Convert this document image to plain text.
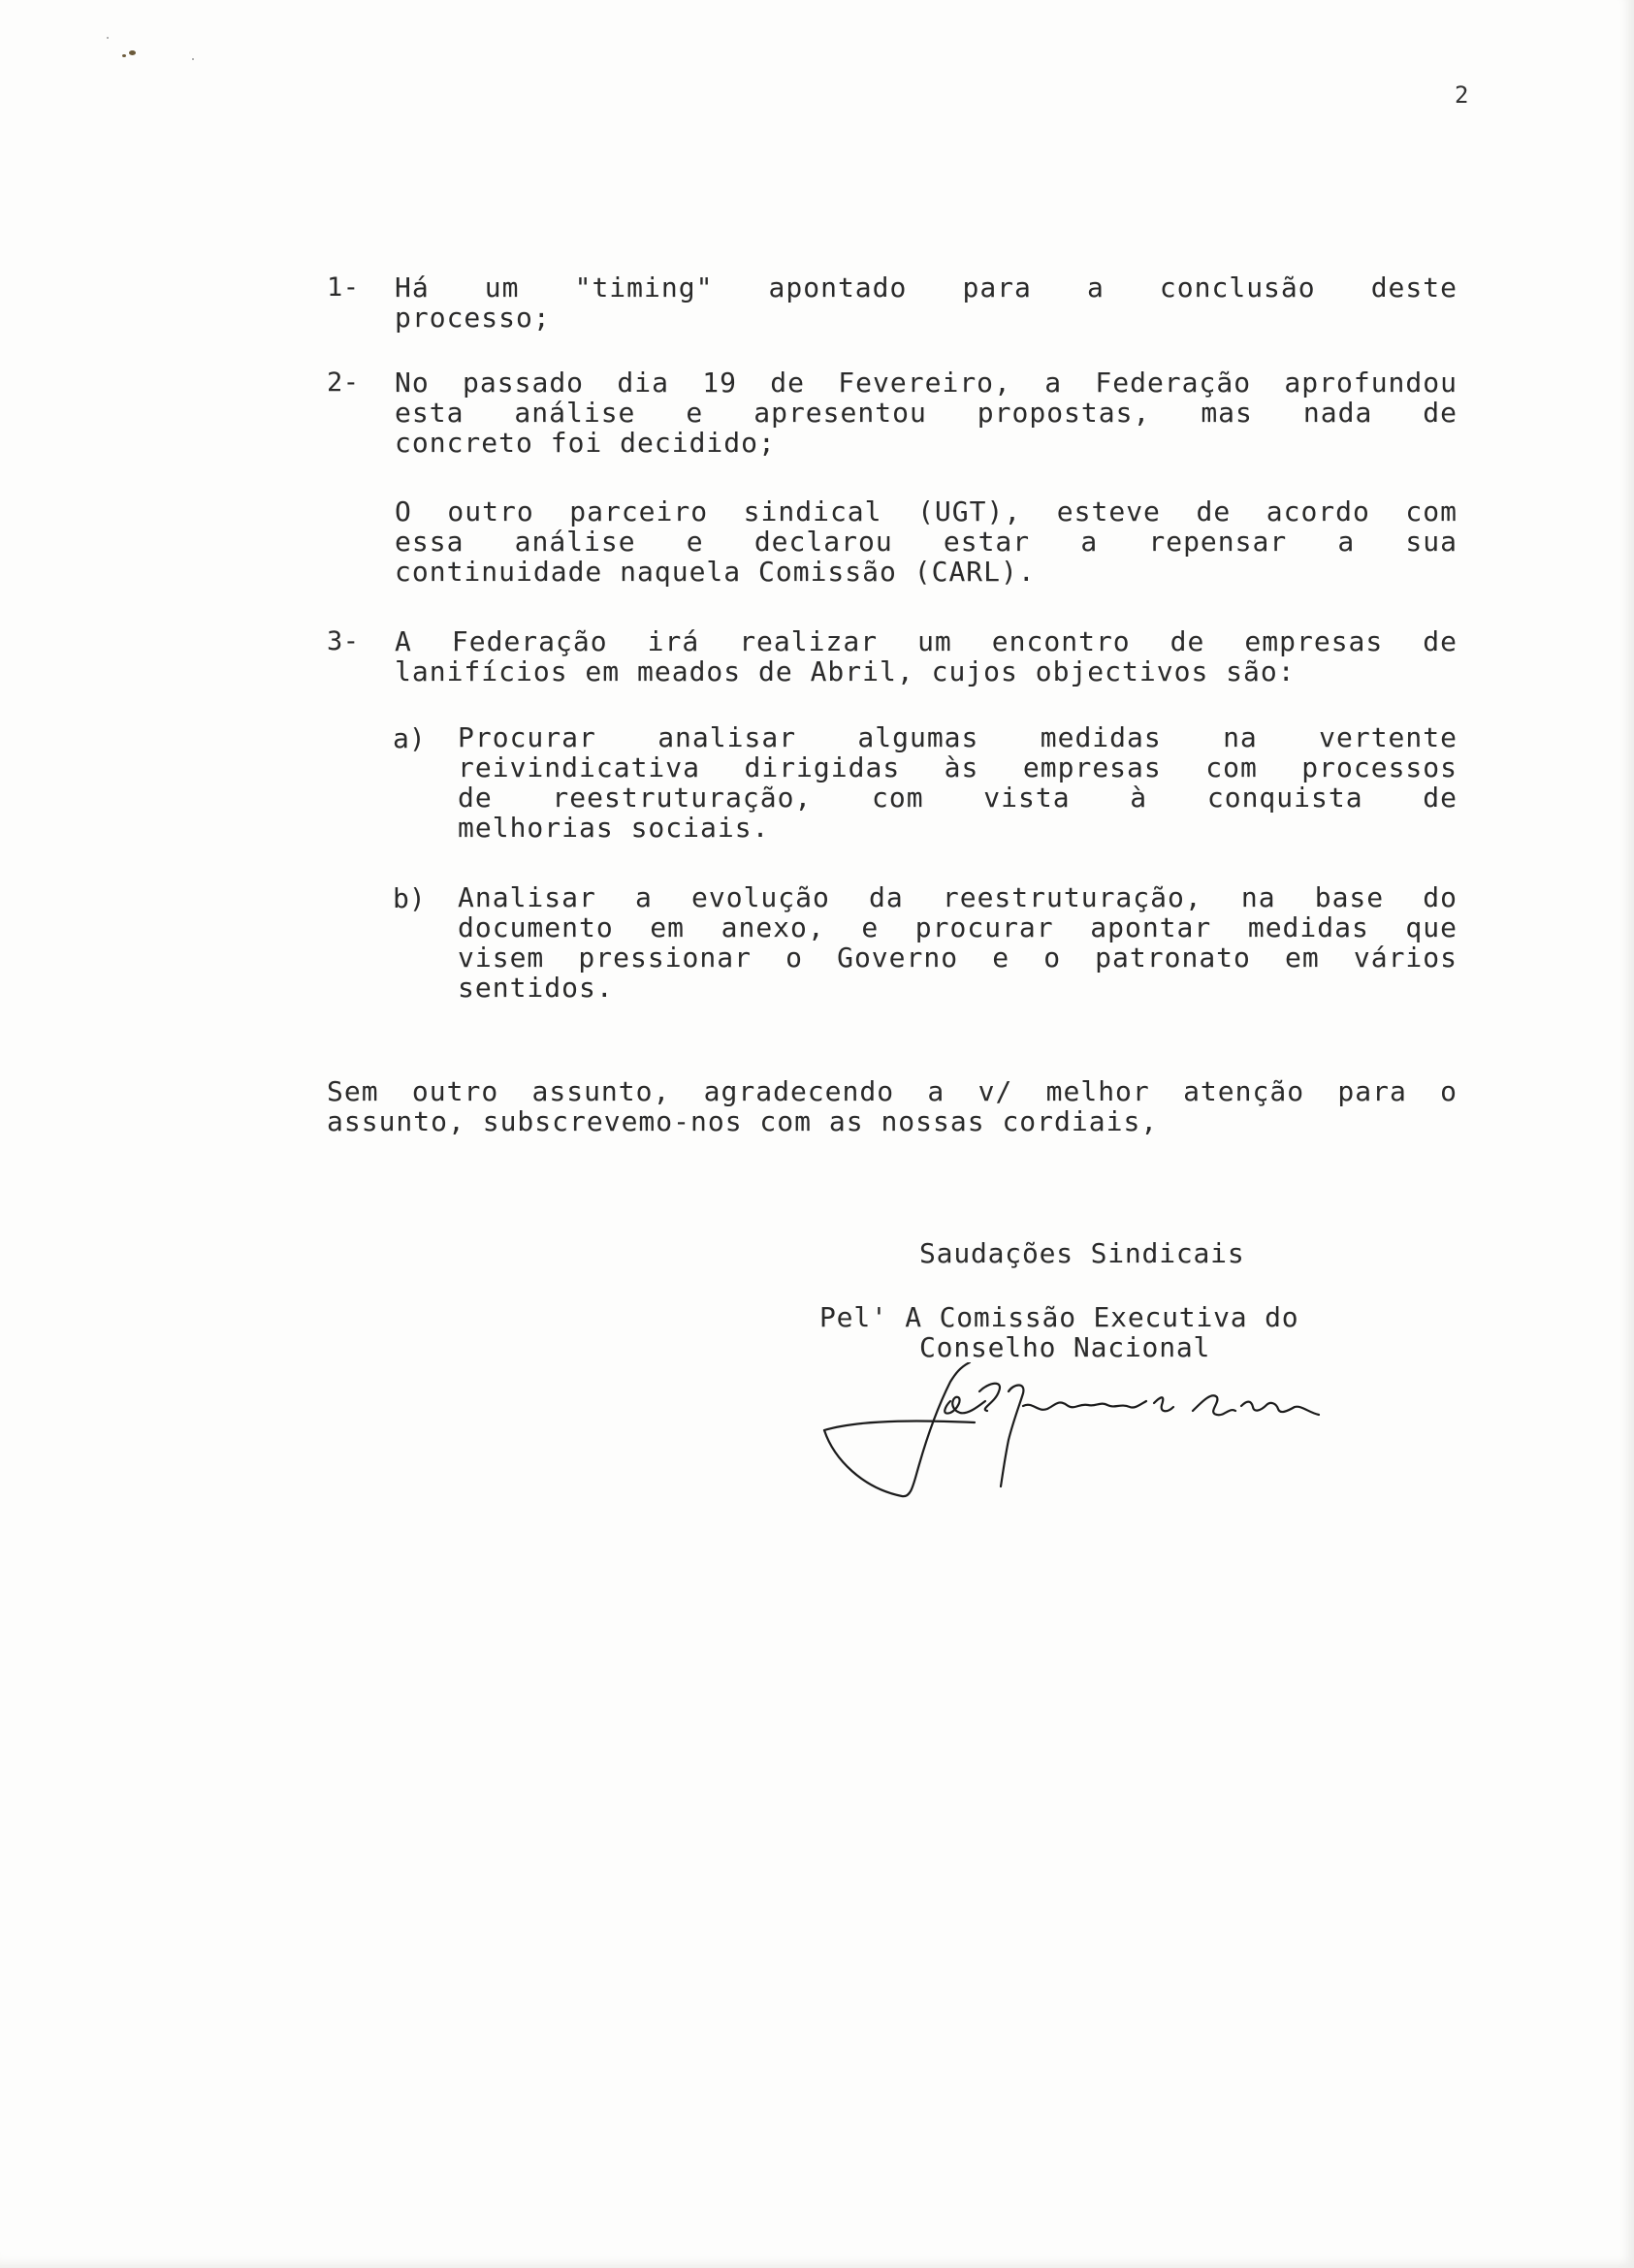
2
1- Há um "timing" apontado para a conclusão deste
processo;
2- No passado dia 19 de Fevereiro, a Federação aprofundou
esta análise e apresentou propostas, mas nada de
concreto foi decidido;
O outro parceiro sindical (UGT), esteve de acordo com
essa análise e declarou estar a repensar a sua
continuidade naquela Comissão (CARL).
3- A Federação irá realizar um encontro de empresas de
lanifícios em meados de Abril, cujos objectivos são:
a) Procurar analisar algumas medidas na vertente
reivindicativa dirigidas às empresas com processos
de reestruturação, com vista à conquista de
melhorias sociais.
b) Analisar a evolução da reestruturação, na base do
documento em anexo, e procurar apontar medidas que
visem pressionar o Governo e o patronato em vários
sentidos.
Sem outro assunto, agradecendo a v/ melhor atenção para o
assunto, subscrevemo-nos com as nossas cordiais,
Saudações Sindicais
Pel' A Comissão Executiva do
Conselho Nacional
